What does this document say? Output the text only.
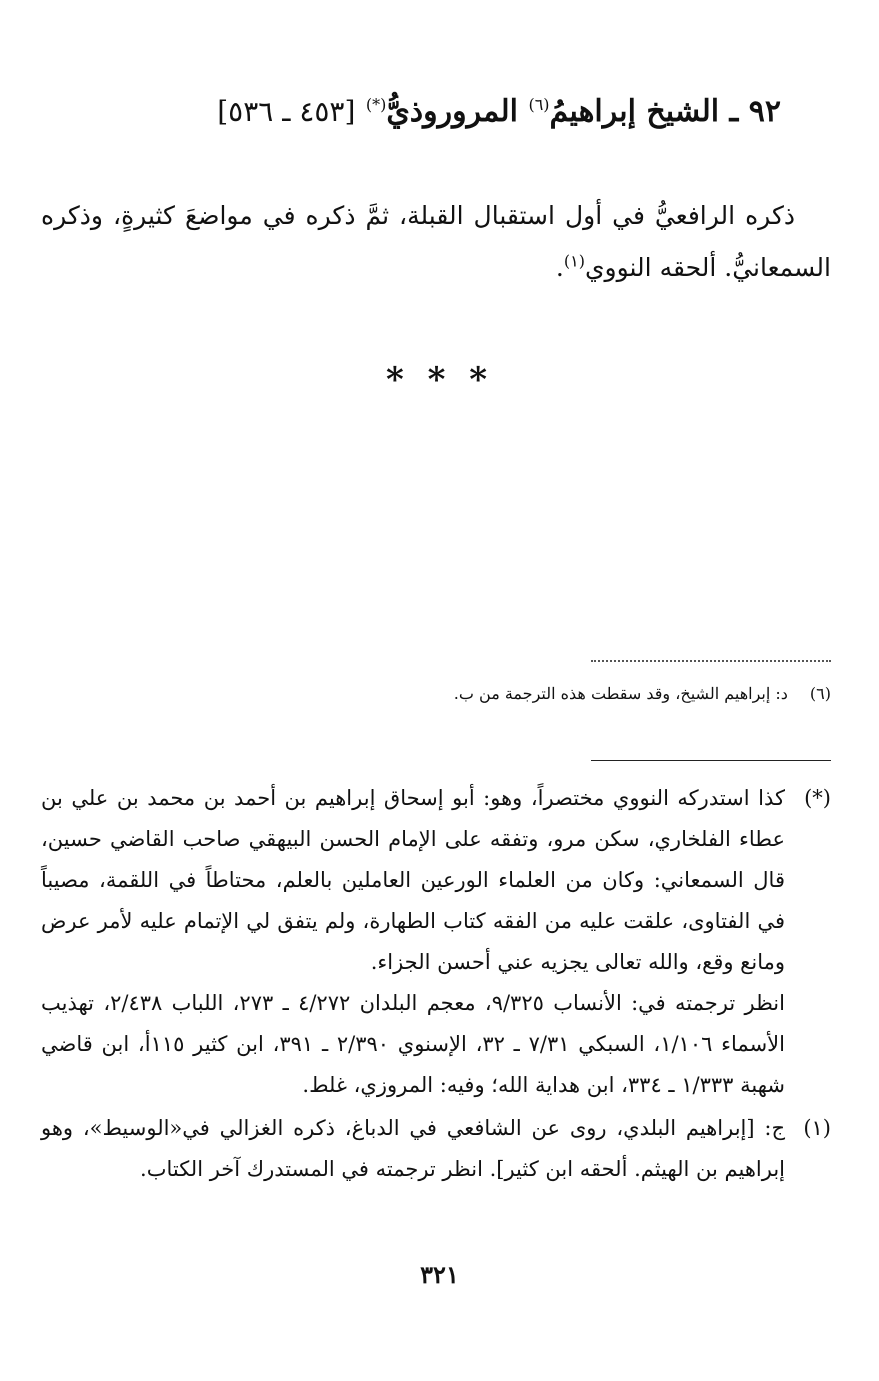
٩٢ ـ الشيخ إبراهيمُ$^{(٦)}$ المروروذيُّ(*) [٤٥٣ ـ ٥٣٦]
ذكره الرافعيُّ في أول استقبال القبلة، ثمَّ ذكره في مواضعَ كثيرةٍ، وذكره السمعانيُّ. ألحقه النووي$^{(١)}$.
* * *
(٦) د: إبراهيم الشيخ، وقد سقطت هذه الترجمة من ب.
(*)

كذا استدركه النووي مختصراً، وهو: أبو إسحاق إبراهيم بن أحمد بن محمد بن علي بن عطاء الفلخاري، سكن مرو، وتفقه على الإمام الحسن البيهقي صاحب القاضي حسين، قال السمعاني: وكان من العلماء الورعين العاملين بالعلم، محتاطاً في اللقمة، مصيباً في الفتاوى، علقت عليه من الفقه كتاب الطهارة، ولم يتفق لي الإتمام عليه لأمر عرض ومانع وقع، والله تعالى يجزيه عني أحسن الجزاء.

انظر ترجمته في: الأنساب ٩/٣٢٥، معجم البلدان ٤/٢٧٢ ـ ٢٧٣، اللباب ٢/٤٣٨، تهذيب الأسماء ١/١٠٦، السبكي ٧/٣١ ـ ٣٢، الإسنوي ٢/٣٩٠ ـ ٣٩١، ابن كثير ١١٥أ، ابن قاضي شهبة ١/٣٣٣ ـ ٣٣٤، ابن هداية الله؛ وفيه: المروزي، غلط.

(١)

ج: [إبراهيم البلدي، روى عن الشافعي في الدباغ، ذكره الغزالي في«الوسيط»، وهو إبراهيم بن الهيثم. ألحقه ابن كثير]. انظر ترجمته في المستدرك آخر الكتاب.

٣٢١
